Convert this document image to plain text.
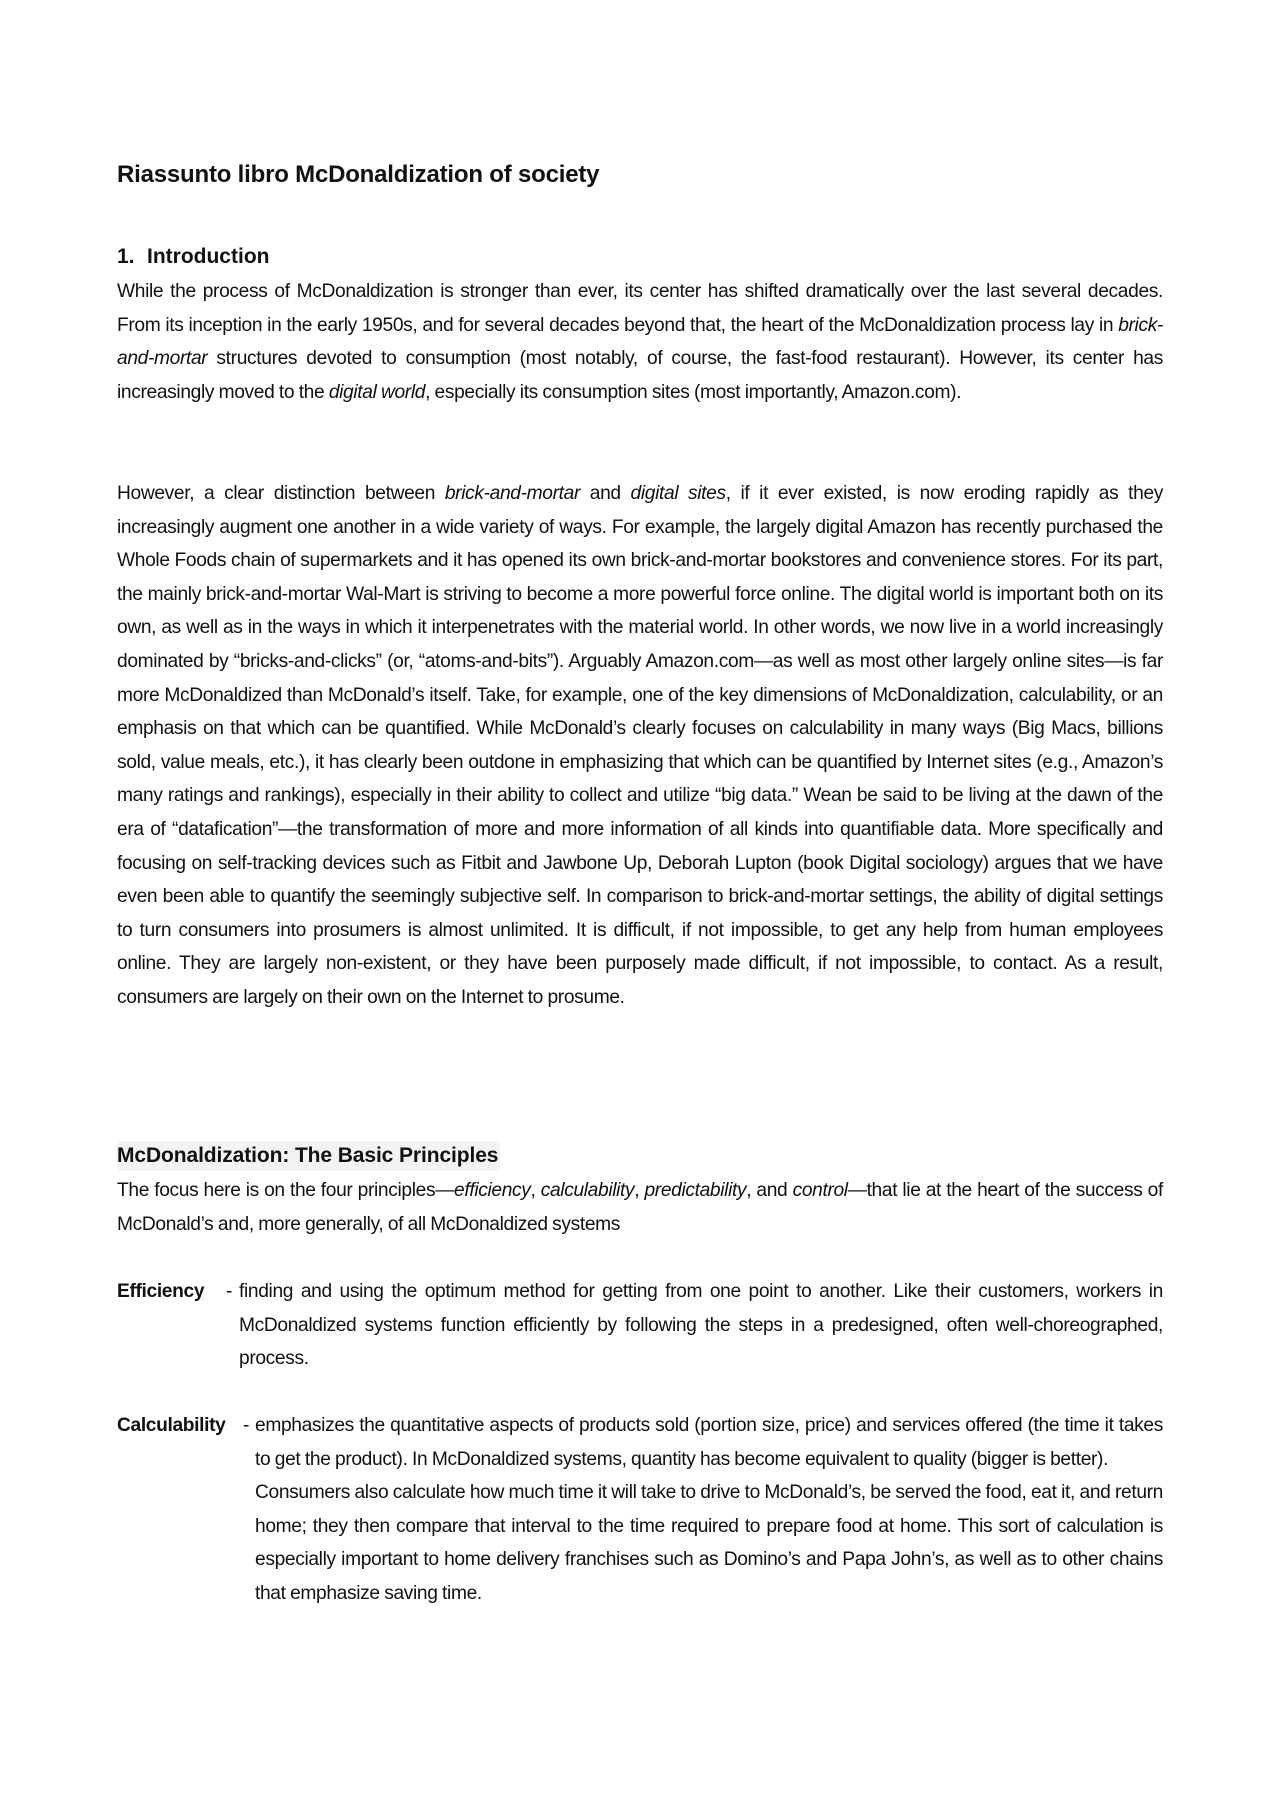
Riassunto libro McDonaldization of society
1. Introduction

While the process of McDonaldization is stronger than ever, its center has shifted dramatically over the last several decades. From its inception in the early 1950s, and for several decades beyond that, the heart of the McDonaldization process lay in brick-and-mortar structures devoted to consumption (most notably, of course, the fast-food restaurant). However, its center has increasingly moved to the digital world, especially its consumption sites (most importantly, Amazon.com).

However, a clear distinction between brick-and-mortar and digital sites, if it ever existed, is now eroding rapidly as they increasingly augment one another in a wide variety of ways. For example, the largely digital Amazon has recently purchased the Whole Foods chain of supermarkets and it has opened its own brick-and-mortar bookstores and convenience stores. For its part, the mainly brick-and-mortar Wal-Mart is striving to become a more powerful force online. The digital world is important both on its own, as well as in the ways in which it interpenetrates with the material world. In other words, we now live in a world increasingly dominated by “bricks-and-clicks” (or, “atoms-and-bits”). Arguably Amazon.com—as well as most other largely online sites—is far more McDonaldized than McDonald’s itself. Take, for example, one of the key dimensions of McDonaldization, calculability, or an emphasis on that which can be quantified. While McDonald’s clearly focuses on calculability in many ways (Big Macs, billions sold, value meals, etc.), it has clearly been outdone in emphasizing that which can be quantified by Internet sites (e.g., Amazon’s many ratings and rankings), especially in their ability to collect and utilize “big data.” Wean be said to be living at the dawn of the era of “datafication”—the transformation of more and more information of all kinds into quantifiable data. More specifically and focusing on self-tracking devices such as Fitbit and Jawbone Up, Deborah Lupton (book Digital sociology) argues that we have even been able to quantify the seemingly subjective self. In comparison to brick-and-mortar settings, the ability of digital settings to turn consumers into prosumers is almost unlimited. It is difficult, if not impossible, to get any help from human employees online. They are largely non-existent, or they have been purposely made difficult, if not impossible, to contact. As a result, consumers are largely on their own on the Internet to prosume.

McDonaldization: The Basic Principles

The focus here is on the four principles—efficiency, calculability, predictability, and control—that lie at the heart of the success of McDonald’s and, more generally, of all McDonaldized systems

Efficiency - finding and using the optimum method for getting from one point to another. Like their customers, workers in McDonaldized systems function efficiently by following the steps in a predesigned, often well-choreographed, process.

Calculability - emphasizes the quantitative aspects of products sold (portion size, price) and services offered (the time it takes to get the product). In McDonaldized systems, quantity has become equivalent to quality (bigger is better).

Consumers also calculate how much time it will take to drive to McDonald’s, be served the food, eat it, and return home; they then compare that interval to the time required to prepare food at home. This sort of calculation is especially important to home delivery franchises such as Domino’s and Papa John’s, as well as to other chains that emphasize saving time.
